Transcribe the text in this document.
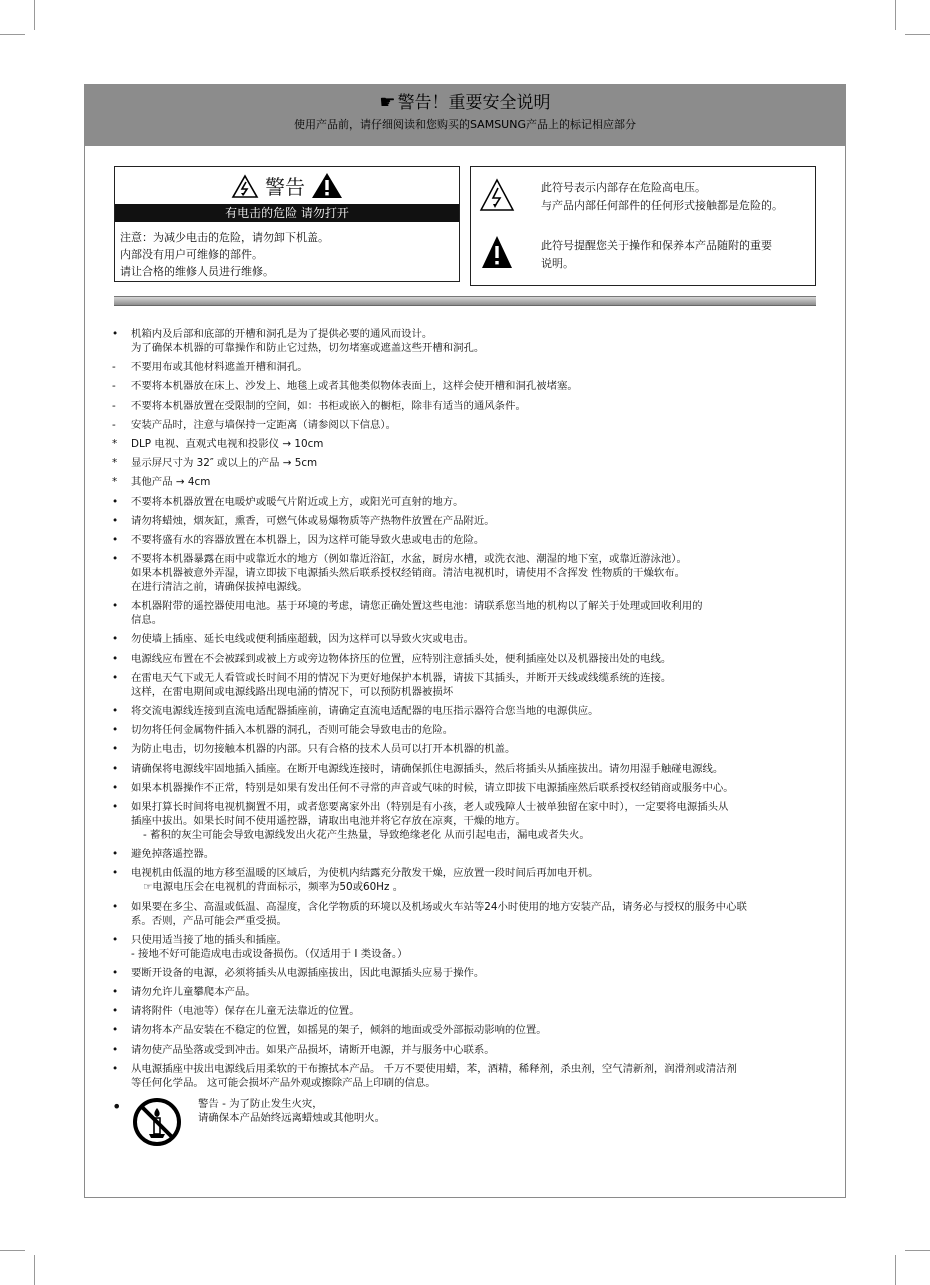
☛ 警告！重要安全说明
使用产品前，请仔细阅读和您购买的SAMSUNG产品上的标记相应部分
警告
有电击的危险 请勿打开
注意：为减少电击的危险，请勿卸下机盖。
内部没有用户可维修的部件。
请让合格的维修人员进行维修。
此符号表示内部存在危险高电压。
与产品内部任何部件的任何形式接触都是危险的。
此符号提醒您关于操作和保养本产品随附的重要
说明。
•	机箱内及后部和底部的开槽和洞孔是为了提供必要的通风而设计。
为了确保本机器的可靠操作和防止它过热，切勿堵塞或遮盖这些开槽和洞孔。
-	不要用布或其他材料遮盖开槽和洞孔。
-	不要将本机器放在床上、沙发上、地毯上或者其他类似物体表面上，这样会使开槽和洞孔被堵塞。
-	不要将本机器放置在受限制的空间，如：书柜或嵌入的橱柜，除非有适当的通风条件。
-	安装产品时，注意与墙保持一定距离（请参阅以下信息）。
*	DLP 电视、直观式电视和投影仪 → 10cm
*	显示屏尺寸为 32″ 或以上的产品 → 5cm
*	其他产品 → 4cm
•	不要将本机器放置在电暖炉或暖气片附近或上方，或阳光可直射的地方。
•	请勿将蜡烛，烟灰缸，熏香，可燃气体或易爆物质等产热物件放置在产品附近。
•	不要将盛有水的容器放置在本机器上，因为这样可能导致火患或电击的危险。
•	不要将本机器暴露在雨中或靠近水的地方（例如靠近浴缸，水盆，厨房水槽，或洗衣池、潮湿的地下室，或靠近游泳池）。
如果本机器被意外弄湿，请立即拔下电源插头然后联系授权经销商。清洁电视机时，请使用不含挥发 性物质的干燥软布。
在进行清洁之前，请确保拔掉电源线。
•	本机器附带的遥控器使用电池。基于环境的考虑，请您正确处置这些电池：请联系您当地的机构以了解关于处理或回收利用的
信息。
•	勿使墙上插座、延长电线或便利插座超载，因为这样可以导致火灾或电击。
•	电源线应布置在不会被踩到或被上方或旁边物体挤压的位置，应特别注意插头处，便利插座处以及机器接出处的电线。
•	在雷电天气下或无人看管或长时间不用的情况下为更好地保护本机器，请拔下其插头，并断开天线或线缆系统的连接。
这样，在雷电期间或电源线路出现电涌的情况下，可以预防机器被损坏
•	将交流电源线连接到直流电适配器插座前，请确定直流电适配器的电压指示器符合您当地的电源供应。
•	切勿将任何金属物件插入本机器的洞孔，否则可能会导致电击的危险。
•	为防止电击，切勿接触本机器的内部。只有合格的技术人员可以打开本机器的机盖。
•	请确保将电源线牢固地插入插座。在断开电源线连接时，请确保抓住电源插头，然后将插头从插座拔出。请勿用湿手触碰电源线。
•	如果本机器操作不正常，特别是如果有发出任何不寻常的声音或气味的时候，请立即拔下电源插座然后联系授权经销商或服务中心。
•	如果打算长时间将电视机搁置不用，或者您要离家外出（特别是有小孩，老人或残障人士被单独留在家中时），一定要将电源插头从
插座中拔出。如果长时间不使用遥控器，请取出电池并将它存放在凉爽，干燥的地方。
- 蓄积的灰尘可能会导致电源线发出火花产生热量，导致绝缘老化 从而引起电击，漏电或者失火。
•	避免掉落遥控器。
•	电视机由低温的地方移至温暖的区域后，为使机内结露充分散发干燥，应放置一段时间后再加电开机。
☞电源电压会在电视机的背面标示，频率为50或60Hz 。
•	如果要在多尘、高温或低温、高湿度，含化学物质的环境以及机场或火车站等24小时使用的地方安装产品，请务必与授权的服务中心联
系。否则，产品可能会严重受损。
•	只使用适当接了地的插头和插座。
- 接地不好可能造成电击或设备损伤。（仅适用于 Ⅰ 类设备。）
•	要断开设备的电源，必须将插头从电源插座拔出，因此电源插头应易于操作。
•	请勿允许儿童攀爬本产品。
•	请将附件（电池等）保存在儿童无法靠近的位置。
•	请勿将本产品安装在不稳定的位置，如摇晃的架子，倾斜的地面或受外部振动影响的位置。
•	请勿使产品坠落或受到冲击。如果产品损坏，请断开电源，并与服务中心联系。
•	从电源插座中拔出电源线后用柔软的干布擦拭本产品。 千万不要使用蜡，苯，酒精，稀释剂，杀虫剂，空气清新剂，润滑剂或清洁剂
等任何化学品。 这可能会损坏产品外观或擦除产品上印刷的信息。
•	警告 - 为了防止发生火灾，
请确保本产品始终远离蜡烛或其他明火。
